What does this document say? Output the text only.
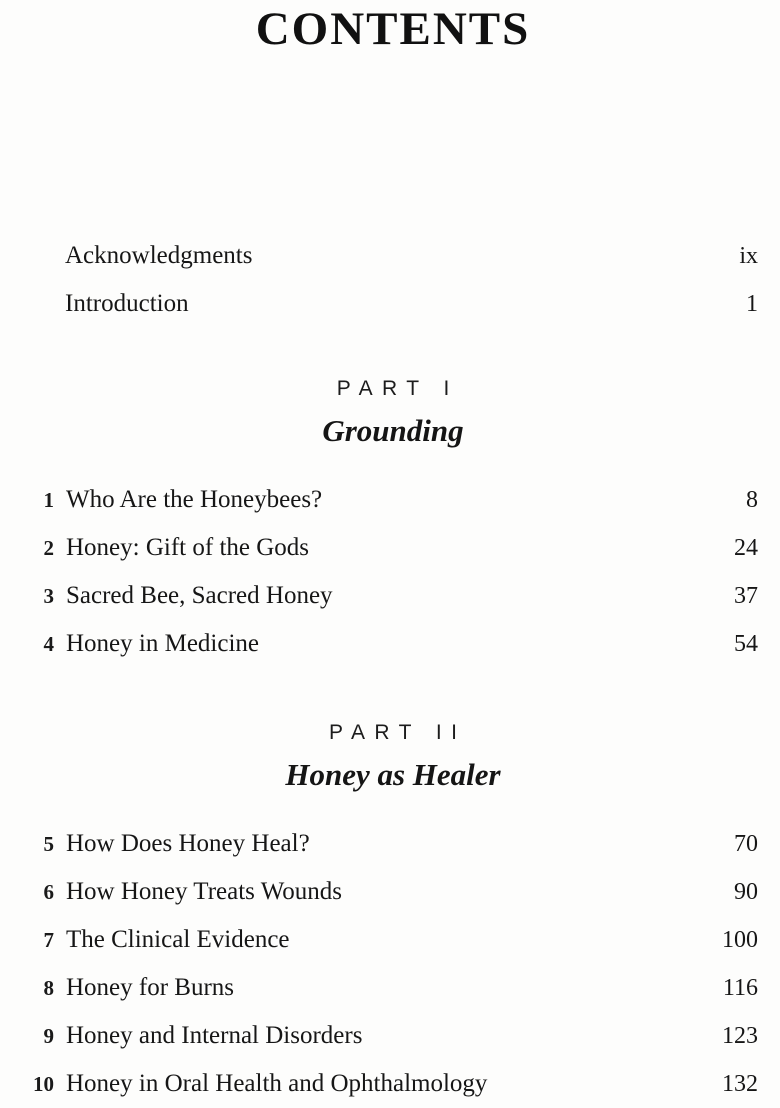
CONTENTS
Acknowledgments	ix
Introduction	1
PART I
Grounding
1 Who Are the Honeybees?	8
2 Honey: Gift of the Gods	24
3 Sacred Bee, Sacred Honey	37
4 Honey in Medicine	54
PART II
Honey as Healer
5 How Does Honey Heal?	70
6 How Honey Treats Wounds	90
7 The Clinical Evidence	100
8 Honey for Burns	116
9 Honey and Internal Disorders	123
10 Honey in Oral Health and Ophthalmology	132
